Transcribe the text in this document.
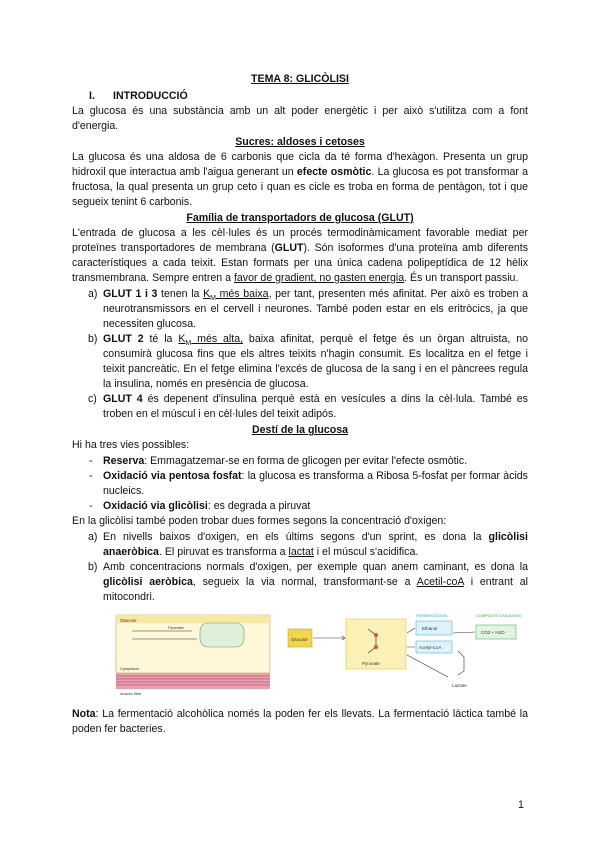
TEMA 8: GLICÒLISI
I. INTRODUCCIÓ

La glucosa és una substància amb un alt poder energètic i per això s'utilitza com a font d'energia.

Sucres: aldoses i cetoses

La glucosa és una aldosa de 6 carbonis que cicla da té forma d'hexàgon. Presenta un grup hidroxil que interactua amb l'aigua generant un efecte osmòtic. La glucosa es pot transformar a fructosa, la qual presenta un grup ceto i quan es cicle es troba en forma de pentàgon, tot i que segueix tenint 6 carbonis.

Família de transportadors de glucosa (GLUT)

L'entrada de glucosa a les cèl·lules és un procés termodinàmicament favorable mediat per proteïnes transportadores de membrana (GLUT). Són isoformes d'una proteïna amb diferents característiques a cada teixit. Estan formats per una única cadena polipeptídica de 12 hèlix transmembrana. Sempre entren a favor de gradient, no gasten energia. És un transport passiu.

a) GLUT 1 i 3 tenen la $K_M$ més baixa, per tant, presenten més afinitat. Per això es troben a neurotransmissors en el cervell i neurones. També poden estar en els eritròcics, ja que necessiten glucosa.
b) GLUT 2 té la $K_M$ més alta, baixa afinitat, perquè el fetge és un òrgan altruista, no consumirà glucosa fins que els altres teixits n'hagin consumit. Es localitza en el fetge i teixit pancreàtic. En el fetge elimina l'excés de glucosa de la sang i en el pàncrees regula la insulina, només en presència de glucosa.
c) GLUT 4 és depenent d'insulina perquè està en vesícules a dins la cèl·lula. També es troben en el múscul i en cèl·lules del teixit adipós.
Destí de la glucosa

Hi ha tres vies possibles:

- Reserva: Emmagatzemar-se en forma de glicogen per evitar l'efecte osmòtic.
- Oxidació via pentosa fosfat: la glucosa es transforma a Ribosa 5-fosfat per formar àcids nucleics.
- Oxidació via glicòlisi: es degrada a piruvat

En la glicòlisi també poden trobar dues formes segons la concentració d'oxigen:

a) En nivells baixos d'oxigen, en els últims segons d'un sprint, es dona la glicòlisi anaeròbica. El piruvat es transforma a lactat i el múscul s'acidifica.
b) Amb concentracions normals d'oxigen, per exemple quan anem caminant, es dona la glicòlisi aeròbica, segueix la via normal, transformant-se a Acetil-coA i entrant al mitocondri.
Glucose
Pyruvate
Cytoplasm
muscle fiber
Glucose
Pyruvate
FERMENTATION	COMPLETE OXIDATION
Ethanol
Acetyl-CoA
CO2 + H2O
Lactate

Nota: La fermentació alcohòlica només la poden fer els llevats. La fermentació làctica també la poden fer bacteries.

1
